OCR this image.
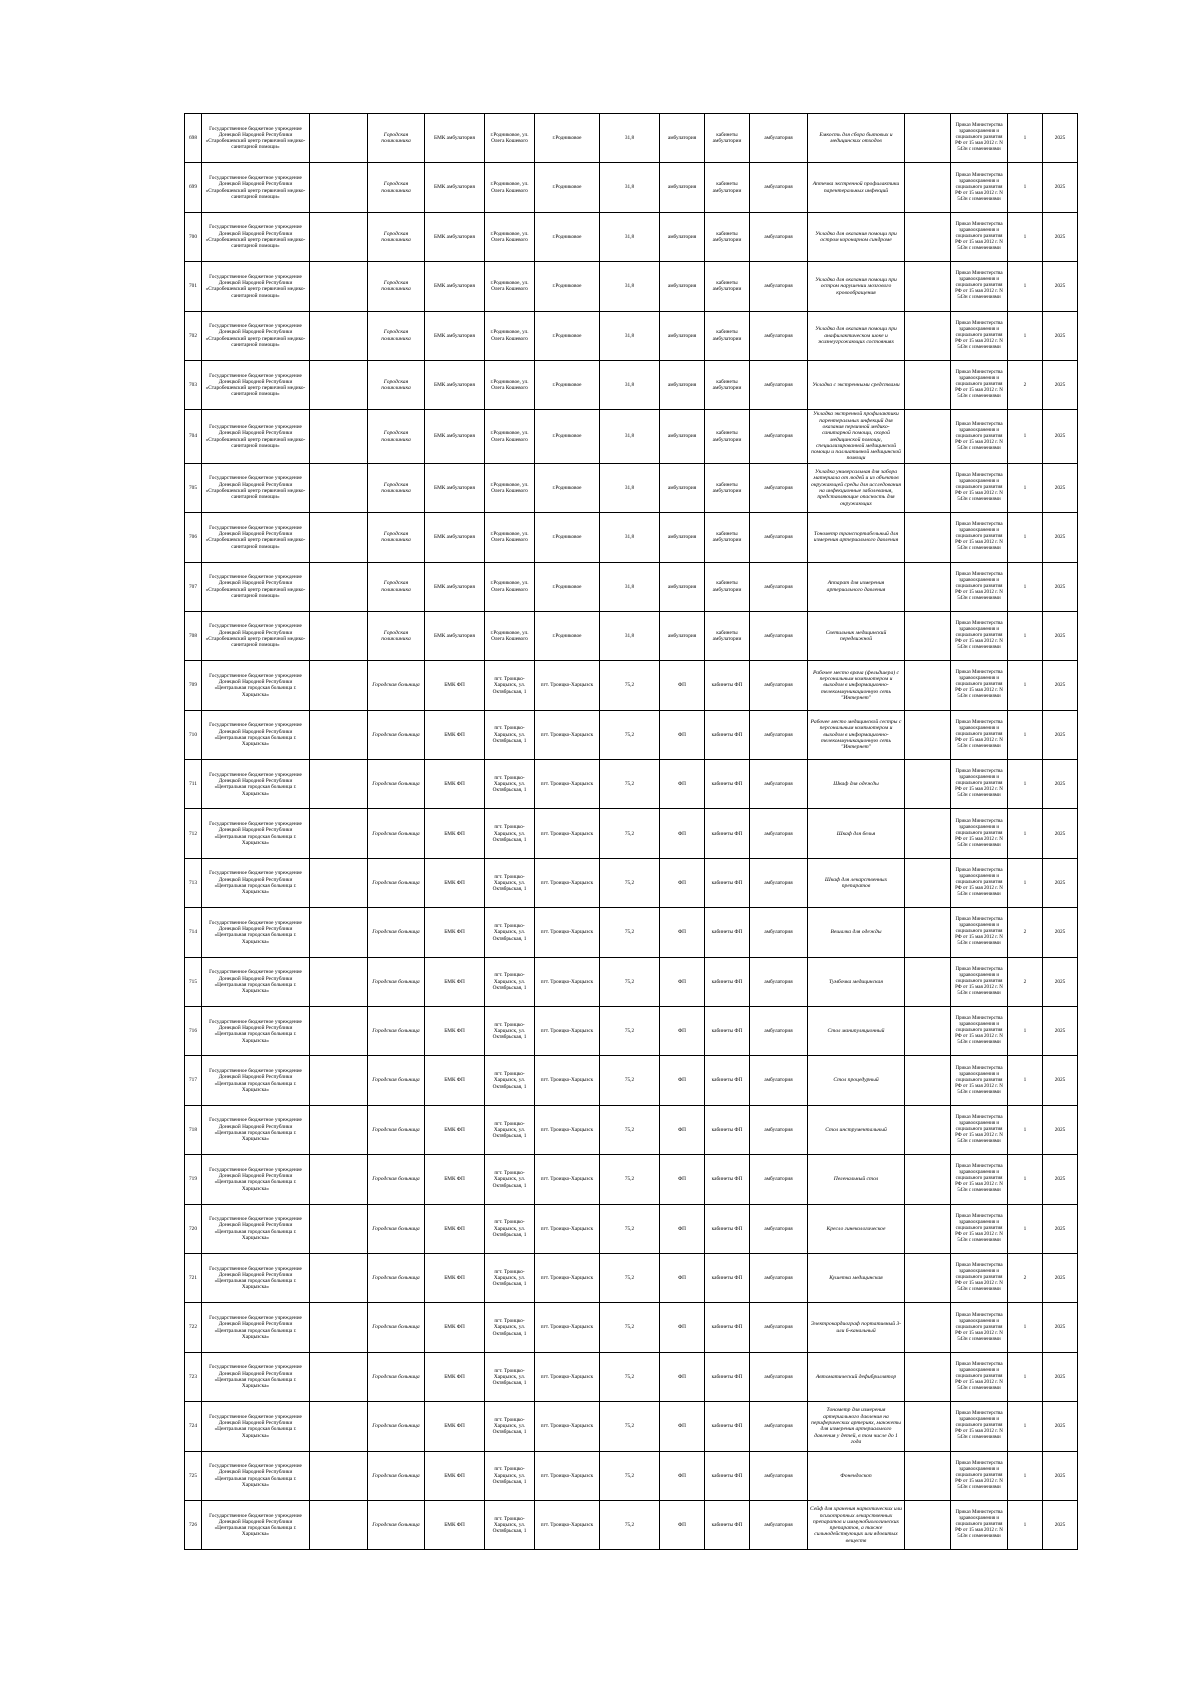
698	Государственное бюджетное учреждение Донецкой Народной Республики «Старобешевский центр первичной медико-санитарной помощи»		Городская поликлиника	БМК амбулатория	г.Родниковое, ул. Олега Кошевого	г.Родниковое	31,8	амбулатория	кабинеты амбулатории	амбулатория	Емкость для сбора бытовых и медицинских отходов		Приказ Министерства здравоохранения и социального развития РФ от 15 мая 2012 г. N 543н с изменениями	1	2025
699	Государственное бюджетное учреждение Донецкой Народной Республики «Старобешевский центр первичной медико-санитарной помощи»		Городская поликлиника	БМК амбулатория	г.Родниковое, ул. Олега Кошевого	г.Родниковое	31,8	амбулатория	кабинеты амбулатории	амбулатория	Аптечка экстренной профилактики парентеральных инфекций		Приказ Министерства здравоохранения и социального развития РФ от 15 мая 2012 г. N 543н с изменениями	1	2025
700	Государственное бюджетное учреждение Донецкой Народной Республики «Старобешевский центр первичной медико-санитарной помощи»		Городская поликлиника	БМК амбулатория	г.Родниковое, ул. Олега Кошевого	г.Родниковое	31,8	амбулатория	кабинеты амбулатории	амбулатория	Укладка для оказания помощи при остром коронарном синдроме		Приказ Министерства здравоохранения и социального развития РФ от 15 мая 2012 г. N 543н с изменениями	1	2025
701	Государственное бюджетное учреждение Донецкой Народной Республики «Старобешевский центр первичной медико-санитарной помощи»		Городская поликлиника	БМК амбулатория	г.Родниковое, ул. Олега Кошевого	г.Родниковое	31,8	амбулатория	кабинеты амбулатории	амбулатория	Укладка для оказания помощи при остром нарушении мозгового кровообращения		Приказ Министерства здравоохранения и социального развития РФ от 15 мая 2012 г. N 543н с изменениями	1	2025
702	Государственное бюджетное учреждение Донецкой Народной Республики «Старобешевский центр первичной медико-санитарной помощи»		Городская поликлиника	БМК амбулатория	г.Родниковое, ул. Олега Кошевого	г.Родниковое	31,8	амбулатория	кабинеты амбулатории	амбулатория	Укладка для оказания помощи при анафилактическом шоке и жизнеугрожающих состояниях		Приказ Министерства здравоохранения и социального развития РФ от 15 мая 2012 г. N 543н с изменениями	1	2025
703	Государственное бюджетное учреждение Донецкой Народной Республики «Старобешевский центр первичной медико-санитарной помощи»		Городская поликлиника	БМК амбулатория	г.Родниковое, ул. Олега Кошевого	г.Родниковое	31,8	амбулатория	кабинеты амбулатории	амбулатория	Укладка с экстренными средствами		Приказ Министерства здравоохранения и социального развития РФ от 15 мая 2012 г. N 543н с изменениями	2	2025
704	Государственное бюджетное учреждение Донецкой Народной Республики «Старобешевский центр первичной медико-санитарной помощи»		Городская поликлиника	БМК амбулатория	г.Родниковое, ул. Олега Кошевого	г.Родниковое	31,8	амбулатория	кабинеты амбулатории	амбулатория	Укладка экстренной профилактики парентеральных инфекций для оказания первичной медико-санитарной помощи, скорой медицинской помощи, специализированной медицинской помощи и паллиативной медицинской помощи		Приказ Министерства здравоохранения и социального развития РФ от 15 мая 2012 г. N 543н с изменениями	1	2025
705	Государственное бюджетное учреждение Донецкой Народной Республики «Старобешевский центр первичной медико-санитарной помощи»		Городская поликлиника	БМК амбулатория	г.Родниковое, ул. Олега Кошевого	г.Родниковое	31,8	амбулатория	кабинеты амбулатории	амбулатория	Укладка универсальная для забора материала от людей и из объектов окружающей среды для исследования на инфекционные заболевания, представляющие опасность для окружающих		Приказ Министерства здравоохранения и социального развития РФ от 15 мая 2012 г. N 543н с изменениями	1	2025
706	Государственное бюджетное учреждение Донецкой Народной Республики «Старобешевский центр первичной медико-санитарной помощи»		Городская поликлиника	БМК амбулатория	г.Родниковое, ул. Олега Кошевого	г.Родниковое	31,8	амбулатория	кабинеты амбулатории	амбулатория	Тонометр транспортабельный для измерения артериального давления		Приказ Министерства здравоохранения и социального развития РФ от 15 мая 2012 г. N 543н с изменениями	1	2025
707	Государственное бюджетное учреждение Донецкой Народной Республики «Старобешевский центр первичной медико-санитарной помощи»		Городская поликлиника	БМК амбулатория	г.Родниковое, ул. Олега Кошевого	г.Родниковое	31,8	амбулатория	кабинеты амбулатории	амбулатория	Аппарат для измерения артериального давления		Приказ Министерства здравоохранения и социального развития РФ от 15 мая 2012 г. N 543н с изменениями	1	2025
708	Государственное бюджетное учреждение Донецкой Народной Республики «Старобешевский центр первичной медико-санитарной помощи»		Городская поликлиника	БМК амбулатория	г.Родниковое, ул. Олега Кошевого	г.Родниковое	31,8	амбулатория	кабинеты амбулатории	амбулатория	Светильник медицинский передвижной		Приказ Министерства здравоохранения и социального развития РФ от 15 мая 2012 г. N 543н с изменениями	1	2025
709	Государственное бюджетное учреждение Донецкой Народной Республики «Центральная городская больница г. Харцызска»		Городская больница	БМК ФП	пгт. Троицко-Харцызск, ул. Октябрьская, 1	пгт. Троицко-Харцызск	75,2	ФП	кабинеты ФП	амбулатория	Рабочее место врача (фельдшера) с персональным компьютером и выходом в информационно-телекоммуникационную сеть "Интернет"		Приказ Министерства здравоохранения и социального развития РФ от 15 мая 2012 г. N 543н с изменениями	1	2025
710	Государственное бюджетное учреждение Донецкой Народной Республики «Центральная городская больница г. Харцызска»		Городская больница	БМК ФП	пгт. Троицко-Харцызск, ул. Октябрьская, 1	пгт. Троицко-Харцызск	75,2	ФП	кабинеты ФП	амбулатория	Рабочее место медицинской сестры с персональным компьютером и выходом в информационно-телекоммуникационную сеть "Интернет"		Приказ Министерства здравоохранения и социального развития РФ от 15 мая 2012 г. N 543н с изменениями	1	2025
711	Государственное бюджетное учреждение Донецкой Народной Республики «Центральная городская больница г. Харцызска»		Городская больница	БМК ФП	пгт. Троицко-Харцызск, ул. Октябрьская, 1	пгт. Троицко-Харцызск	75,2	ФП	кабинеты ФП	амбулатория	Шкаф для одежды		Приказ Министерства здравоохранения и социального развития РФ от 15 мая 2012 г. N 543н с изменениями	1	2025
712	Государственное бюджетное учреждение Донецкой Народной Республики «Центральная городская больница г. Харцызска»		Городская больница	БМК ФП	пгт. Троицко-Харцызск, ул. Октябрьская, 1	пгт. Троицко-Харцызск	75,2	ФП	кабинеты ФП	амбулатория	Шкаф для белья		Приказ Министерства здравоохранения и социального развития РФ от 15 мая 2012 г. N 543н с изменениями	1	2025
713	Государственное бюджетное учреждение Донецкой Народной Республики «Центральная городская больница г. Харцызска»		Городская больница	БМК ФП	пгт. Троицко-Харцызск, ул. Октябрьская, 1	пгт. Троицко-Харцызск	75,2	ФП	кабинеты ФП	амбулатория	Шкаф для лекарственных препаратов		Приказ Министерства здравоохранения и социального развития РФ от 15 мая 2012 г. N 543н с изменениями	1	2025
714	Государственное бюджетное учреждение Донецкой Народной Республики «Центральная городская больница г. Харцызска»		Городская больница	БМК ФП	пгт. Троицко-Харцызск, ул. Октябрьская, 1	пгт. Троицко-Харцызск	75,2	ФП	кабинеты ФП	амбулатория	Вешалка для одежды		Приказ Министерства здравоохранения и социального развития РФ от 15 мая 2012 г. N 543н с изменениями	2	2025
715	Государственное бюджетное учреждение Донецкой Народной Республики «Центральная городская больница г. Харцызска»		Городская больница	БМК ФП	пгт. Троицко-Харцызск, ул. Октябрьская, 1	пгт. Троицко-Харцызск	75,2	ФП	кабинеты ФП	амбулатория	Тумбочка медицинская		Приказ Министерства здравоохранения и социального развития РФ от 15 мая 2012 г. N 543н с изменениями	2	2025
716	Государственное бюджетное учреждение Донецкой Народной Республики «Центральная городская больница г. Харцызска»		Городская больница	БМК ФП	пгт. Троицко-Харцызск, ул. Октябрьская, 1	пгт. Троицко-Харцызск	75,2	ФП	кабинеты ФП	амбулатория	Стол манипуляционный		Приказ Министерства здравоохранения и социального развития РФ от 15 мая 2012 г. N 543н с изменениями	1	2025
717	Государственное бюджетное учреждение Донецкой Народной Республики «Центральная городская больница г. Харцызска»		Городская больница	БМК ФП	пгт. Троицко-Харцызск, ул. Октябрьская, 1	пгт. Троицко-Харцызск	75,2	ФП	кабинеты ФП	амбулатория	Стол процедурный		Приказ Министерства здравоохранения и социального развития РФ от 15 мая 2012 г. N 543н с изменениями	1	2025
718	Государственное бюджетное учреждение Донецкой Народной Республики «Центральная городская больница г. Харцызска»		Городская больница	БМК ФП	пгт. Троицко-Харцызск, ул. Октябрьская, 1	пгт. Троицко-Харцызск	75,2	ФП	кабинеты ФП	амбулатория	Стол инструментальный		Приказ Министерства здравоохранения и социального развития РФ от 15 мая 2012 г. N 543н с изменениями	1	2025
719	Государственное бюджетное учреждение Донецкой Народной Республики «Центральная городская больница г. Харцызска»		Городская больница	БМК ФП	пгт. Троицко-Харцызск, ул. Октябрьская, 1	пгт. Троицко-Харцызск	75,2	ФП	кабинеты ФП	амбулатория	Пеленальный стол		Приказ Министерства здравоохранения и социального развития РФ от 15 мая 2012 г. N 543н с изменениями	1	2025
720	Государственное бюджетное учреждение Донецкой Народной Республики «Центральная городская больница г. Харцызска»		Городская больница	БМК ФП	пгт. Троицко-Харцызск, ул. Октябрьская, 1	пгт. Троицко-Харцызск	75,2	ФП	кабинеты ФП	амбулатория	Кресло гинекологическое		Приказ Министерства здравоохранения и социального развития РФ от 15 мая 2012 г. N 543н с изменениями	1	2025
721	Государственное бюджетное учреждение Донецкой Народной Республики «Центральная городская больница г. Харцызска»		Городская больница	БМК ФП	пгт. Троицко-Харцызск, ул. Октябрьская, 1	пгт. Троицко-Харцызск	75,2	ФП	кабинеты ФП	амбулатория	Кушетка медицинская		Приказ Министерства здравоохранения и социального развития РФ от 15 мая 2012 г. N 543н с изменениями	2	2025
722	Государственное бюджетное учреждение Донецкой Народной Республики «Центральная городская больница г. Харцызска»		Городская больница	БМК ФП	пгт. Троицко-Харцызск, ул. Октябрьская, 1	пгт. Троицко-Харцызск	75,2	ФП	кабинеты ФП	амбулатория	Электрокардиограф портативный 3- или 6-канальный		Приказ Министерства здравоохранения и социального развития РФ от 15 мая 2012 г. N 543н с изменениями	1	2025
723	Государственное бюджетное учреждение Донецкой Народной Республики «Центральная городская больница г. Харцызска»		Городская больница	БМК ФП	пгт. Троицко-Харцызск, ул. Октябрьская, 1	пгт. Троицко-Харцызск	75,2	ФП	кабинеты ФП	амбулатория	Автоматический дефибриллятор		Приказ Министерства здравоохранения и социального развития РФ от 15 мая 2012 г. N 543н с изменениями	1	2025
724	Государственное бюджетное учреждение Донецкой Народной Республики «Центральная городская больница г. Харцызска»		Городская больница	БМК ФП	пгт. Троицко-Харцызск, ул. Октябрьская, 1	пгт. Троицко-Харцызск	75,2	ФП	кабинеты ФП	амбулатория	Тонометр для измерения артериального давления на периферических артериях, манжеты для измерения артериального давления у детей, в том числе до 1 года		Приказ Министерства здравоохранения и социального развития РФ от 15 мая 2012 г. N 543н с изменениями	1	2025
725	Государственное бюджетное учреждение Донецкой Народной Республики «Центральная городская больница г. Харцызска»		Городская больница	БМК ФП	пгт. Троицко-Харцызск, ул. Октябрьская, 1	пгт. Троицко-Харцызск	75,2	ФП	кабинеты ФП	амбулатория	Фонендоскоп		Приказ Министерства здравоохранения и социального развития РФ от 15 мая 2012 г. N 543н с изменениями	1	2025
726	Государственное бюджетное учреждение Донецкой Народной Республики «Центральная городская больница г. Харцызска»		Городская больница	БМК ФП	пгт. Троицко-Харцызск, ул. Октябрьская, 1	пгт. Троицко-Харцызск	75,2	ФП	кабинеты ФП	амбулатория	Сейф для хранения наркотических или психотропных лекарственных препаратов и иммунобиологических препаратов, а также сильнодействующих или ядовитых веществ		Приказ Министерства здравоохранения и социального развития РФ от 15 мая 2012 г. N 543н с изменениями	1	2025
